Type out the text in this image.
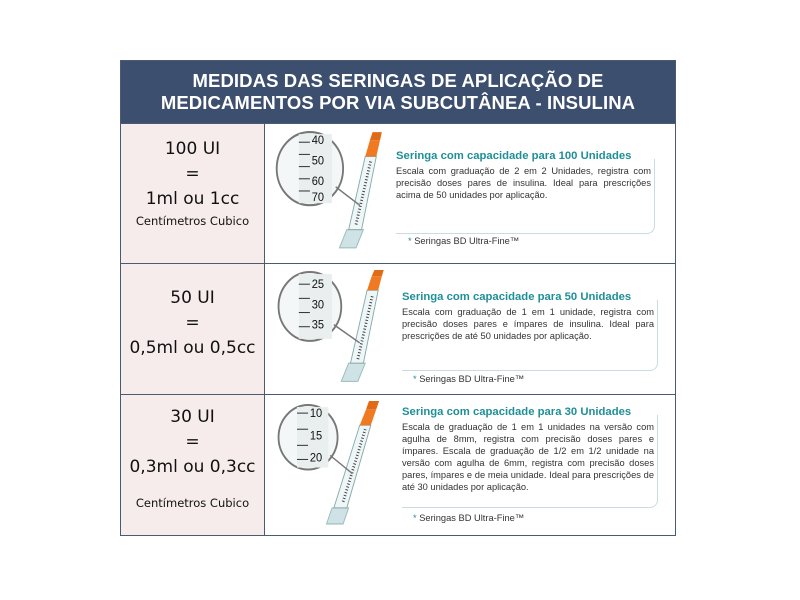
MEDIDAS DAS SERINGAS DE APLICAÇÃO DE
MEDICAMENTOS POR VIA SUBCUTÂNEA - INSULINA
100 UI
=
1ml ou 1cc
Centímetros Cubico
40
50
60
70
Seringa com capacidade para 100 Unidades
Escala com graduação de 2 em 2 Unidades, registra com precisão doses pares de insulina. Ideal para prescrições acima de 50 unidades por aplicação.
* Seringas BD Ultra-Fine™
50 UI
=
0,5ml ou 0,5cc
25
30
35
Seringa com capacidade para 50 Unidades
Escala com graduação de 1 em 1 unidade, registra com precisão doses pares e ímpares de insulina. Ideal para prescrições de até 50 unidades por aplicação.
* Seringas BD Ultra-Fine™
30 UI
=
0,3ml ou 0,3cc
Centímetros Cubico
10
15
20
Seringa com capacidade para 30 Unidades
Escala de graduação de 1 em 1 unidades na versão com agulha de 8mm, registra com precisão doses pares e ímpares. Escala de graduação de 1/2 em 1/2 unidade na versão com agulha de 6mm, registra com precisão doses pares, ímpares e de meia unidade. Ideal para prescrições de até 30 unidades por aplicação.
* Seringas BD Ultra-Fine™
